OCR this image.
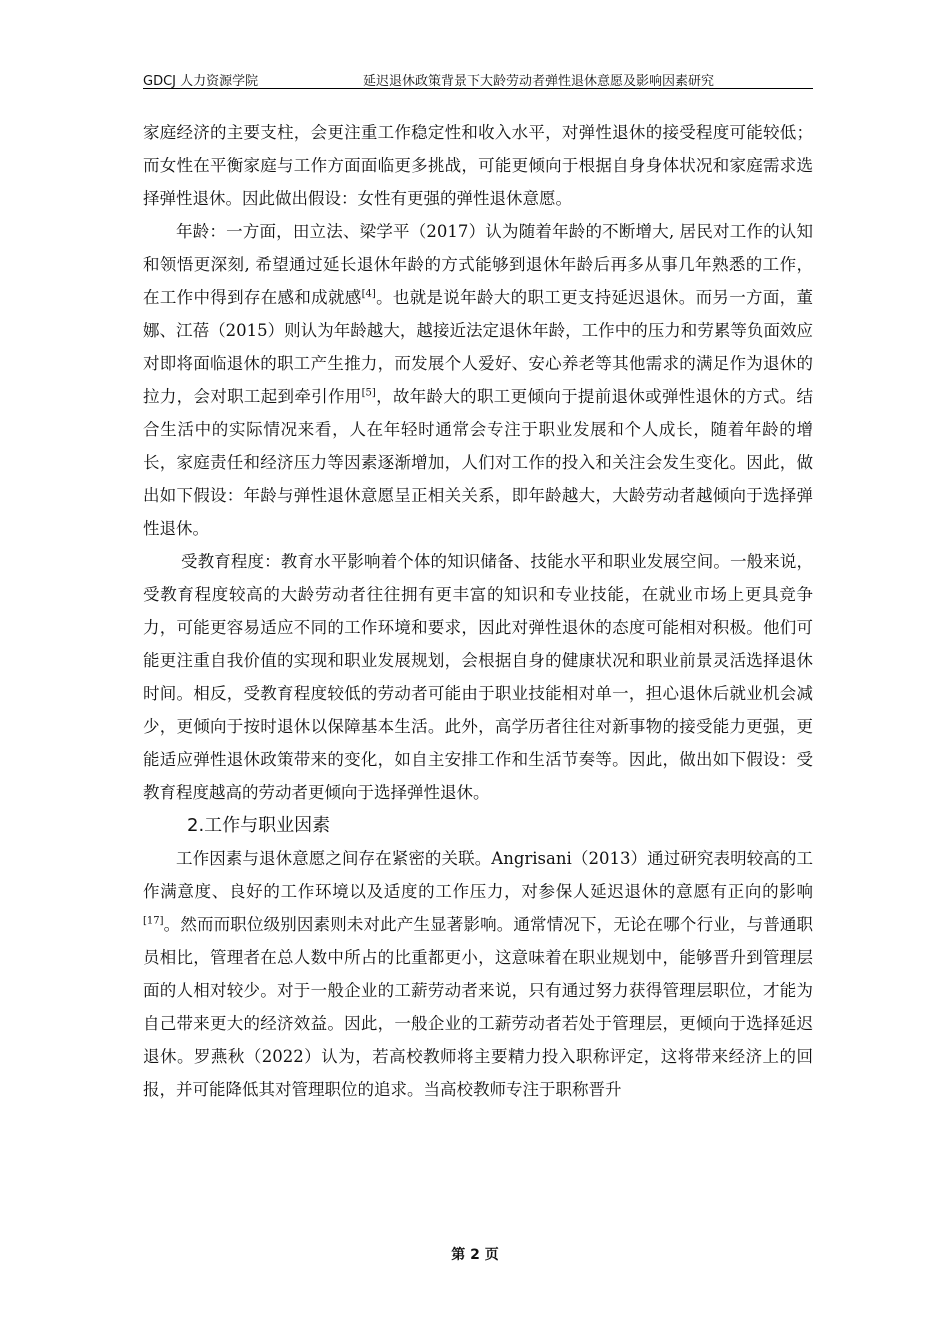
GDCJ 人力资源学院	延迟退休政策背景下大龄劳动者弹性退休意愿及影响因素研究

家庭经济的主要支柱，会更注重工作稳定性和收入水平，对弹性退休的接受程度可能较低；而女性在平衡家庭与工作方面面临更多挑战，可能更倾向于根据自身身体状况和家庭需求选择弹性退休。因此做出假设：女性有更强的弹性退休意愿。

年龄：一方面，田立法、梁学平（2017）认为随着年龄的不断增大, 居民对工作的认知和领悟更深刻, 希望通过延长退休年龄的方式能够到退休年龄后再多从事几年熟悉的工作，在工作中得到存在感和成就感[4]。也就是说年龄大的职工更支持延迟退休。而另一方面，董娜、江蓓（2015）则认为年龄越大，越接近法定退休年龄，工作中的压力和劳累等负面效应对即将面临退休的职工产生推力，而发展个人爱好、安心养老等其他需求的满足作为退休的拉力，会对职工起到牵引作用[5]，故年龄大的职工更倾向于提前退休或弹性退休的方式。结合生活中的实际情况来看，人在年轻时通常会专注于职业发展和个人成长，随着年龄的增长，家庭责任和经济压力等因素逐渐增加，人们对工作的投入和关注会发生变化。因此，做出如下假设：年龄与弹性退休意愿呈正相关关系，即年龄越大，大龄劳动者越倾向于选择弹性退休。

受教育程度：教育水平影响着个体的知识储备、技能水平和职业发展空间。一般来说，受教育程度较高的大龄劳动者往往拥有更丰富的知识和专业技能，在就业市场上更具竞争力，可能更容易适应不同的工作环境和要求，因此对弹性退休的态度可能相对积极。他们可能更注重自我价值的实现和职业发展规划，会根据自身的健康状况和职业前景灵活选择退休时间。相反，受教育程度较低的劳动者可能由于职业技能相对单一，担心退休后就业机会减少，更倾向于按时退休以保障基本生活。此外，高学历者往往对新事物的接受能力更强，更能适应弹性退休政策带来的变化，如自主安排工作和生活节奏等。因此，做出如下假设：受教育程度越高的劳动者更倾向于选择弹性退休。

2.工作与职业因素

工作因素与退休意愿之间存在紧密的关联。Angrisani（2013）通过研究表明较高的工作满意度、良好的工作环境以及适度的工作压力，对参保人延迟退休的意愿有正向的影响[17]。然而而职位级别因素则未对此产生显著影响。通常情况下，无论在哪个行业，与普通职员相比，管理者在总人数中所占的比重都更小，这意味着在职业规划中，能够晋升到管理层面的人相对较少。对于一般企业的工薪劳动者来说，只有通过努力获得管理层职位，才能为自己带来更大的经济效益。因此，一般企业的工薪劳动者若处于管理层，更倾向于选择延迟退休。罗燕秋（2022）认为，若高校教师将主要精力投入职称评定，这将带来经济上的回报，并可能降低其对管理职位的追求。当高校教师专注于职称晋升

第 2 页
